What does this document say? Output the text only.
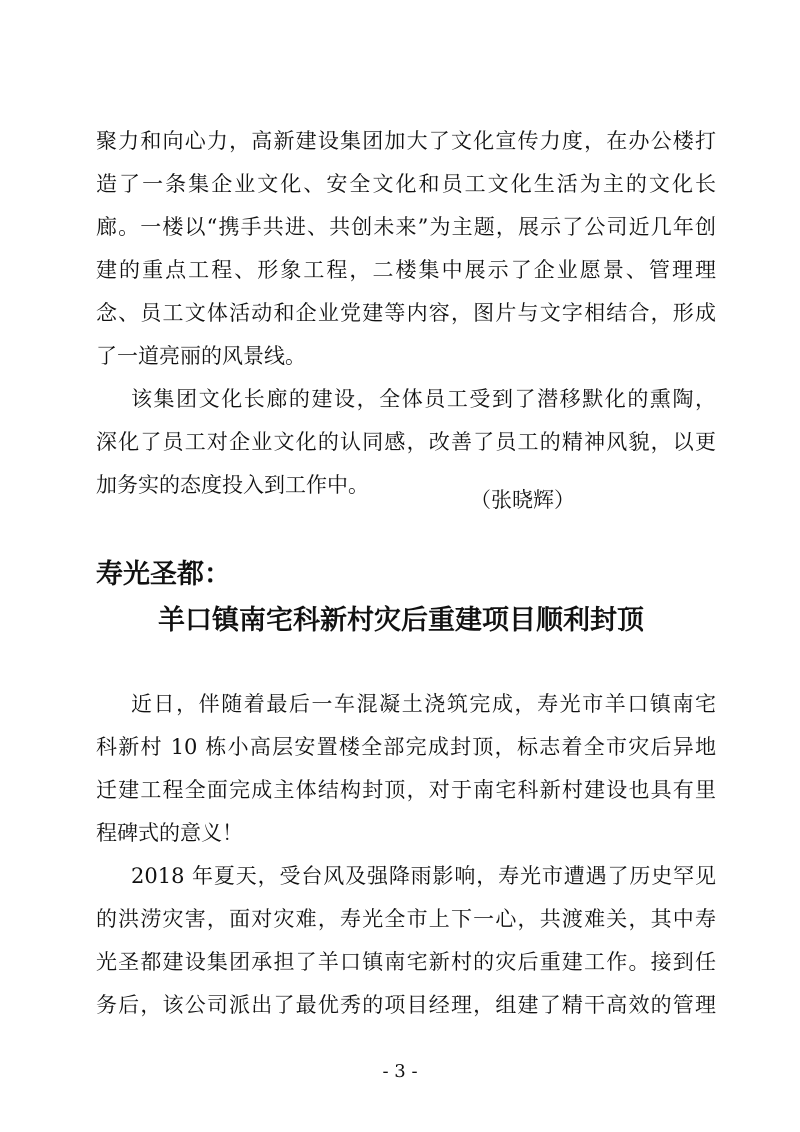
聚力和向心力，高新建设集团加大了文化宣传力度，在办公楼打
造了一条集企业文化、安全文化和员工文化生活为主的文化长
廊。一楼以“携手共进、共创未来”为主题，展示了公司近几年创
建的重点工程、形象工程，二楼集中展示了企业愿景、管理理
念、员工文体活动和企业党建等内容，图片与文字相结合，形成
了一道亮丽的风景线。
该集团文化长廊的建设，全体员工受到了潜移默化的熏陶，
深化了员工对企业文化的认同感，改善了员工的精神风貌，以更
加务实的态度投入到工作中。
（张晓辉）
寿光圣都：
羊口镇南宅科新村灾后重建项目顺利封顶
近日，伴随着最后一车混凝土浇筑完成，寿光市羊口镇南宅
科新村 10 栋小高层安置楼全部完成封顶，标志着全市灾后异地
迁建工程全面完成主体结构封顶，对于南宅科新村建设也具有里
程碑式的意义！
2018 年夏天，受台风及强降雨影响，寿光市遭遇了历史罕见
的洪涝灾害，面对灾难，寿光全市上下一心，共渡难关，其中寿
光圣都建设集团承担了羊口镇南宅新村的灾后重建工作。接到任
务后，该公司派出了最优秀的项目经理，组建了精干高效的管理
- 3 -
